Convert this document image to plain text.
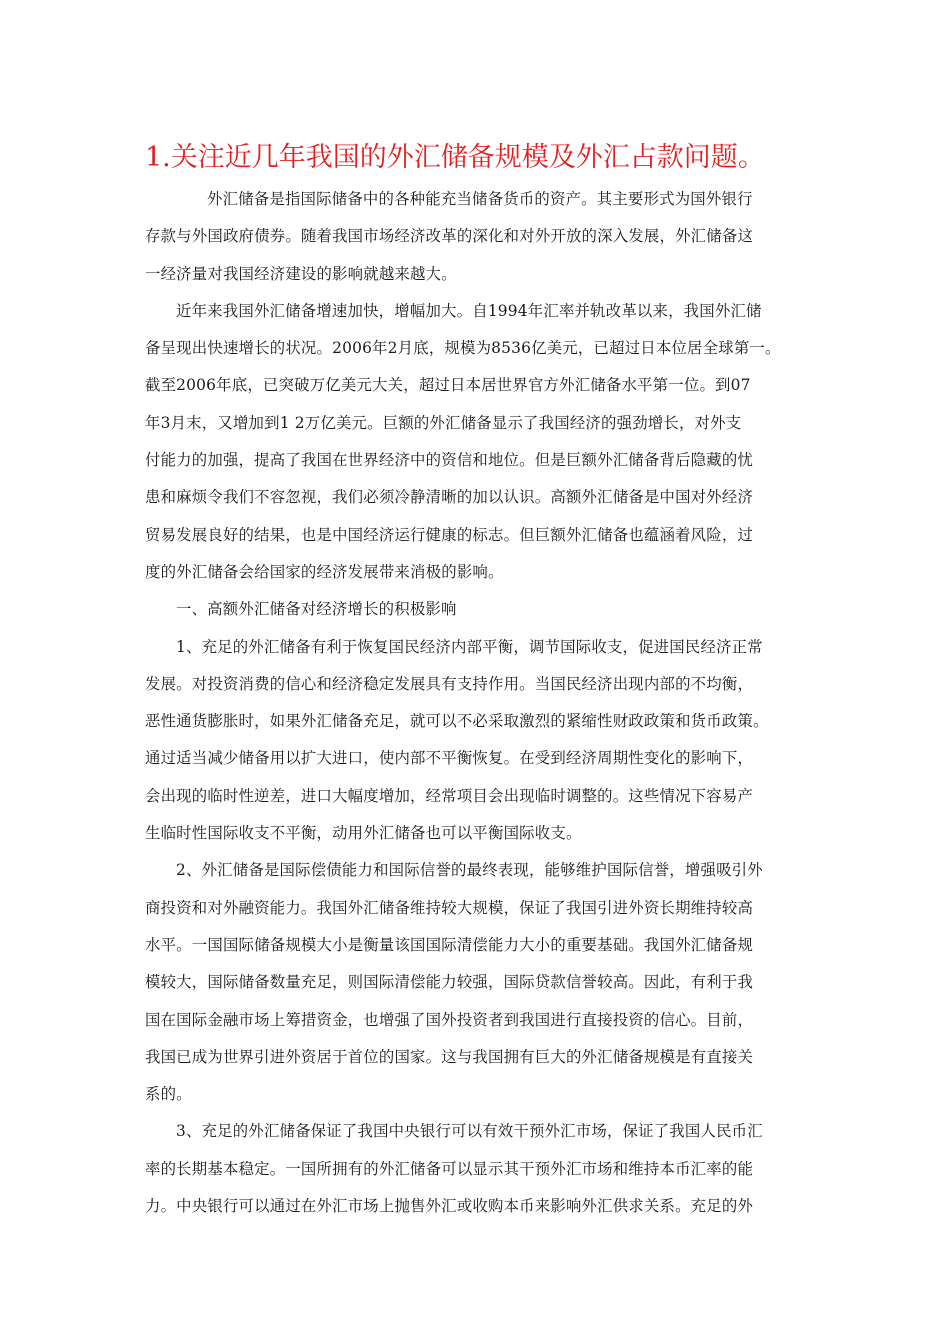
1.关注近几年我国的外汇储备规模及外汇占款问题。
外汇储备是指国际储备中的各种能充当储备货币的资产。其主要形式为国外银行
存款与外国政府债券。随着我国市场经济改革的深化和对外开放的深入发展，外汇储备这
一经济量对我国经济建设的影响就越来越大。
近年来我国外汇储备增速加快，增幅加大。自1994年汇率并轨改革以来，我国外汇储
备呈现出快速增长的状况。2006年2月底，规模为8536亿美元，已超过日本位居全球第一。
截至2006年底，已突破万亿美元大关，超过日本居世界官方外汇储备水平第一位。到07
年3月末，又增加到1 2万亿美元。巨额的外汇储备显示了我国经济的强劲增长，对外支
付能力的加强，提高了我国在世界经济中的资信和地位。但是巨额外汇储备背后隐藏的忧
患和麻烦令我们不容忽视，我们必须冷静清晰的加以认识。高额外汇储备是中国对外经济
贸易发展良好的结果，也是中国经济运行健康的标志。但巨额外汇储备也蕴涵着风险，过
度的外汇储备会给国家的经济发展带来消极的影响。
一、高额外汇储备对经济增长的积极影响
1、充足的外汇储备有利于恢复国民经济内部平衡，调节国际收支，促进国民经济正常
发展。对投资消费的信心和经济稳定发展具有支持作用。当国民经济出现内部的不均衡，
恶性通货膨胀时，如果外汇储备充足，就可以不必采取激烈的紧缩性财政政策和货币政策。
通过适当减少储备用以扩大进口，使内部不平衡恢复。在受到经济周期性变化的影响下，
会出现的临时性逆差，进口大幅度增加，经常项目会出现临时调整的。这些情况下容易产
生临时性国际收支不平衡，动用外汇储备也可以平衡国际收支。
2、外汇储备是国际偿债能力和国际信誉的最终表现，能够维护国际信誉，增强吸引外
商投资和对外融资能力。我国外汇储备维持较大规模，保证了我国引进外资长期维持较高
水平。一国国际储备规模大小是衡量该国国际清偿能力大小的重要基础。我国外汇储备规
模较大，国际储备数量充足，则国际清偿能力较强，国际贷款信誉较高。因此，有利于我
国在国际金融市场上筹措资金，也增强了国外投资者到我国进行直接投资的信心。目前，
我国已成为世界引进外资居于首位的国家。这与我国拥有巨大的外汇储备规模是有直接关
系的。
3、充足的外汇储备保证了我国中央银行可以有效干预外汇市场，保证了我国人民币汇
率的长期基本稳定。一国所拥有的外汇储备可以显示其干预外汇市场和维持本币汇率的能
力。中央银行可以通过在外汇市场上抛售外汇或收购本币来影响外汇供求关系。充足的外
